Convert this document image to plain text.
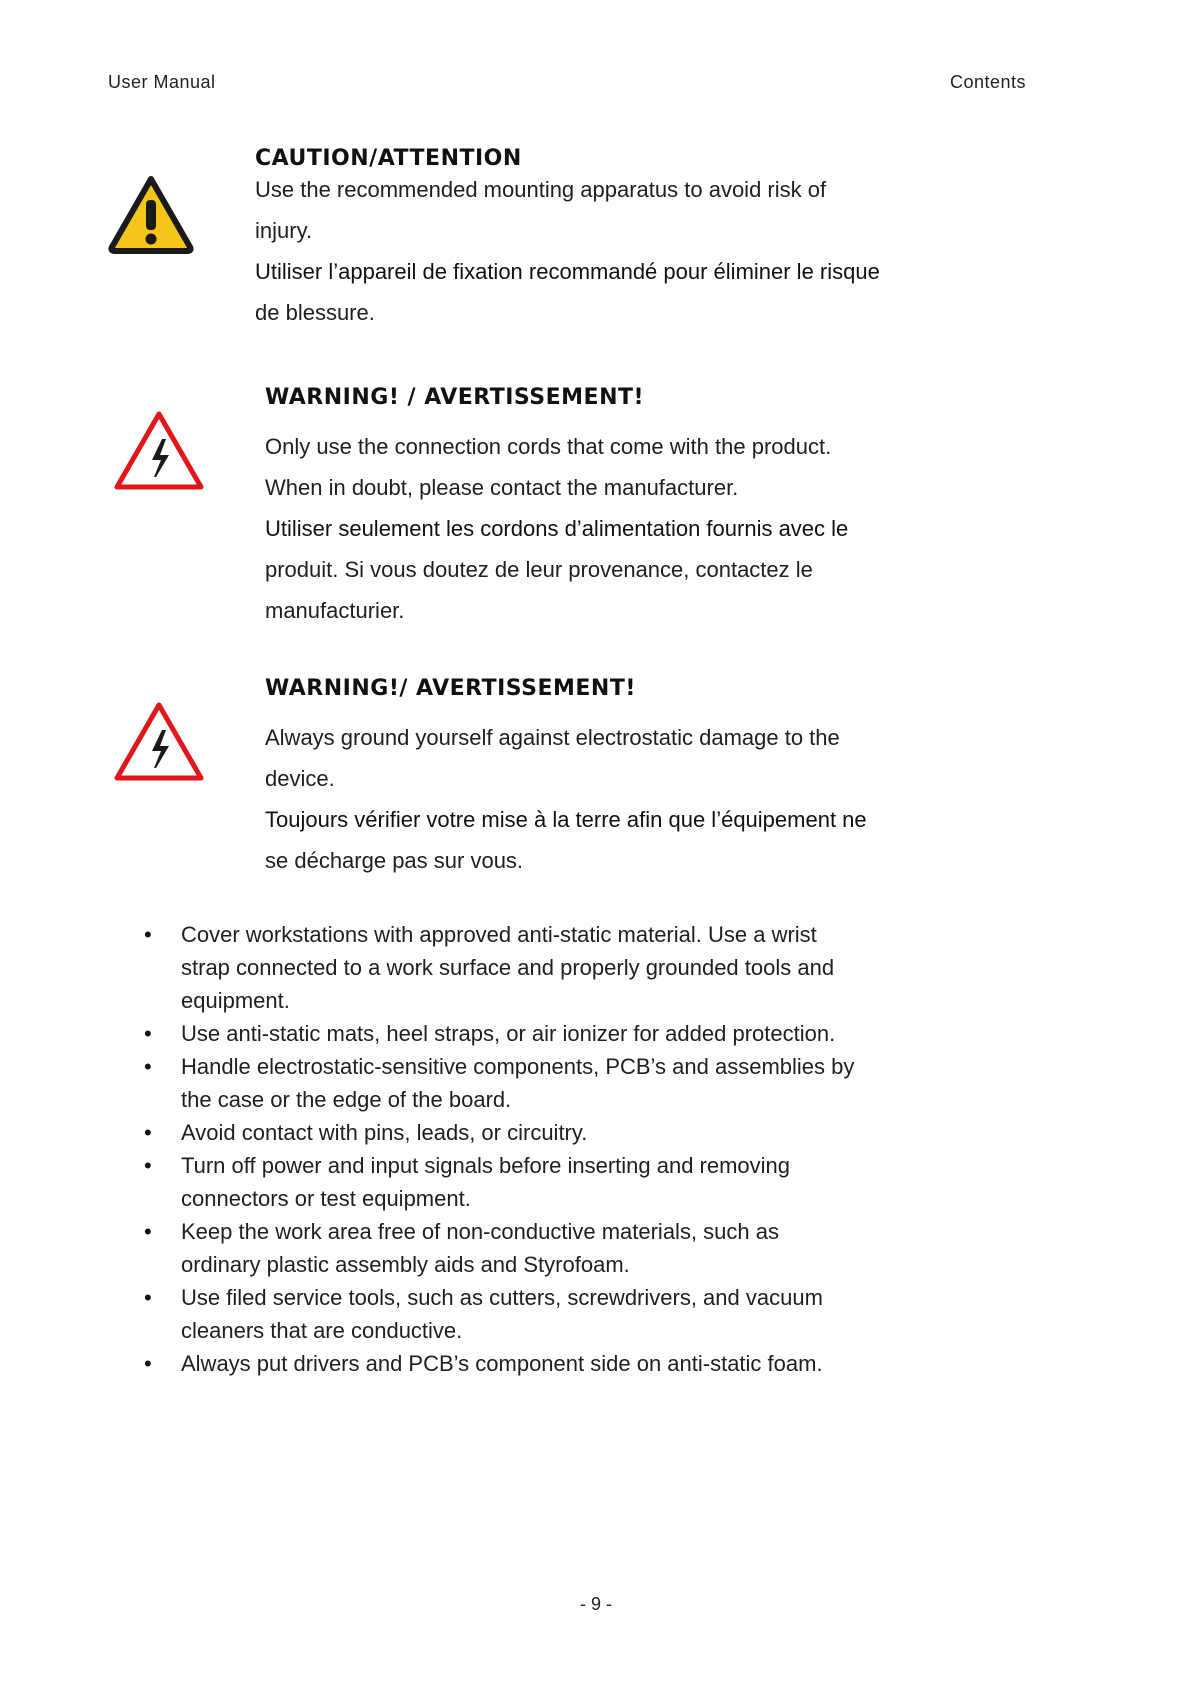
User Manual	Contents

CAUTION/ATTENTION

Use the recommended mounting apparatus to avoid risk of

injury.

Utiliser l’appareil de fixation recommandé pour éliminer le risque

de blessure.

WARNING! / AVERTISSEMENT!

Only use the connection cords that come with the product.

When in doubt, please contact the manufacturer.

Utiliser seulement les cordons d’alimentation fournis avec le

produit. Si vous doutez de leur provenance, contactez le

manufacturier.

WARNING!/ AVERTISSEMENT!

Always ground yourself against electrostatic damage to the

device.

Toujours vérifier votre mise à la terre afin que l’équipement ne

se décharge pas sur vous.

• Cover workstations with approved anti-static material. Use a wrist
strap connected to a work surface and properly grounded tools and
equipment.
• Use anti-static mats, heel straps, or air ionizer for added protection.
• Handle electrostatic-sensitive components, PCB’s and assemblies by
the case or the edge of the board.
• Avoid contact with pins, leads, or circuitry.
• Turn off power and input signals before inserting and removing
connectors or test equipment.
• Keep the work area free of non-conductive materials, such as
ordinary plastic assembly aids and Styrofoam.
• Use filed service tools, such as cutters, screwdrivers, and vacuum
cleaners that are conductive.
• Always put drivers and PCB’s component side on anti-static foam.
- 9 -
